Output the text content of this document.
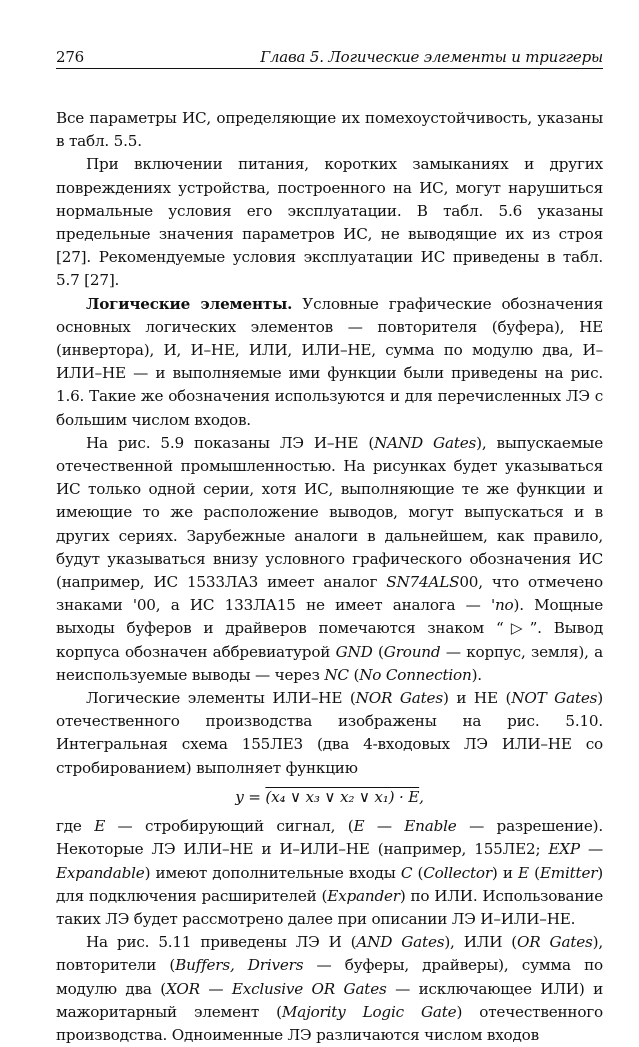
276	Глава 5. Логические элементы и триггеры

Все параметры ИС, определяющие их помехоустойчивость, указаны в табл. 5.5.

При включении питания, коротких замыканиях и других повреждениях устройства, построенного на ИС, могут нарушиться нормальные условия его эксплуатации. В табл. 5.6 указаны предельные значения параметров ИС, не выводящие их из строя [27]. Рекомендуемые условия эксплуатации ИС приведены в табл. 5.7 [27].

Логические элементы. Условные графические обозначения основных логических элементов — повторителя (буфера), НЕ (инвертора), И, И–НЕ, ИЛИ, ИЛИ–НЕ, сумма по модулю два, И–ИЛИ–НЕ — и выполняемые ими функции были приведены на рис. 1.6. Такие же обозначения используются и для перечисленных ЛЭ с большим числом входов.

На рис. 5.9 показаны ЛЭ И–НЕ (NAND Gates), выпускаемые отечественной промышленностью. На рисунках будет указываться ИС только одной серии, хотя ИС, выполняющие те же функции и имеющие то же расположение выводов, могут выпускаться и в других сериях. Зарубежные аналоги в дальнейшем, как правило, будут указываться внизу условного графического обозначения ИС (например, ИС 1533ЛА3 имеет аналог SN74ALS00, что отмечено знаками '00, а ИС 133ЛА15 не имеет аналога — 'no). Мощные выходы буферов и драйверов помечаются знаком “▷”. Вывод корпуса обозначен аббревиатурой GND (Ground — корпус, земля), а неиспользуемые выводы — через NC (No Connection).

Логические элементы ИЛИ–НЕ (NOR Gates) и НЕ (NOT Gates) отечественного производства изображены на рис. 5.10. Интегральная схема 155ЛЕ3 (два 4-входовых ЛЭ ИЛИ–НЕ со стробированием) выполняет функцию

y = (x₄ ∨ x₃ ∨ x₂ ∨ x₁) · E,

где E — стробирующий сигнал, (E — Enable — разрешение). Некоторые ЛЭ ИЛИ–НЕ и И–ИЛИ–НЕ (например, 155ЛЕ2; EXP — Expandable) имеют дополнительные входы C (Collector) и E (Emitter) для подключения расширителей (Expander) по ИЛИ. Использование таких ЛЭ будет рассмотрено далее при описании ЛЭ И–ИЛИ–НЕ.

На рис. 5.11 приведены ЛЭ И (AND Gates), ИЛИ (OR Gates), повторители (Buffers, Drivers — буферы, драйверы), сумма по модулю два (XOR — Exclusive OR Gates — исключающее ИЛИ) и мажоритарный элемент (Majority Logic Gate) отечественного производства. Одноименные ЛЭ различаются числом входов
